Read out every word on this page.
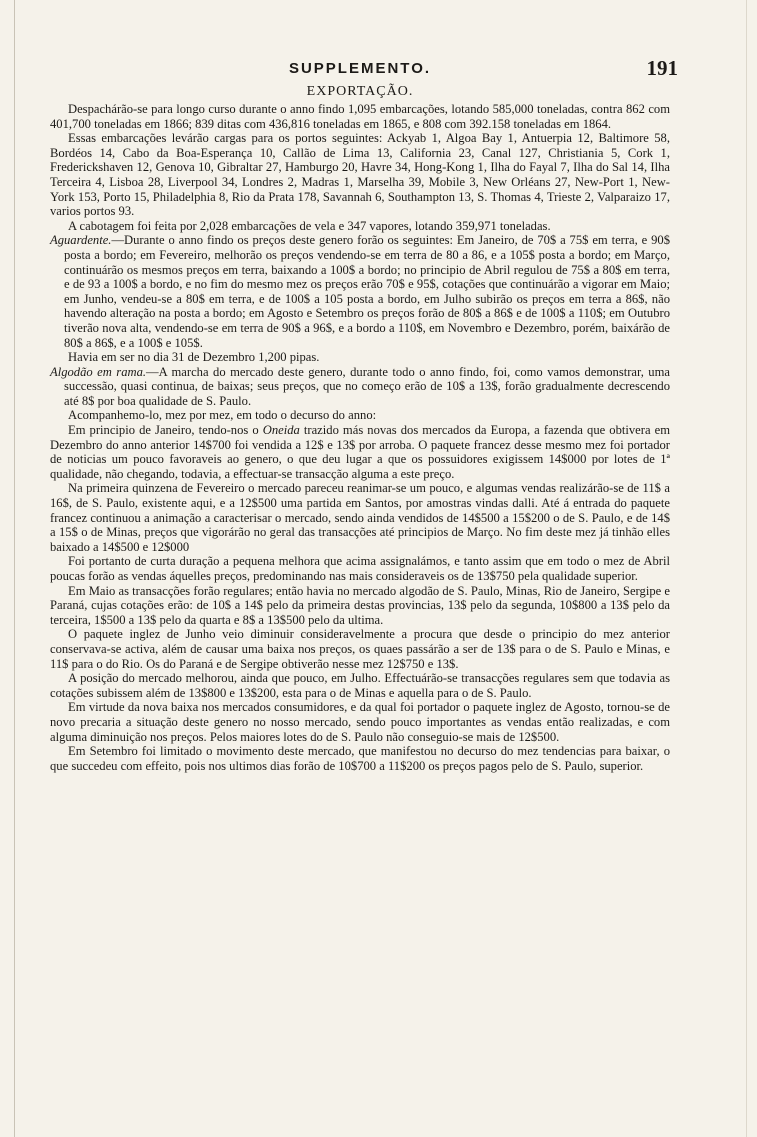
SUPPLEMENTO.	191
EXPORTAÇÃO.

Despachárão-se para longo curso durante o anno findo 1,095 embarcações, lotando 585,000 toneladas, contra 862 com 401,700 toneladas em 1866; 839 ditas com 436,816 toneladas em 1865, e 808 com 392.158 toneladas em 1864.

Essas embarcações levárão cargas para os portos seguintes: Ackyab 1, Algoa Bay 1, Antuerpia 12, Baltimore 58, Bordéos 14, Cabo da Boa-Esperança 10, Callão de Lima 13, California 23, Canal 127, Christiania 5, Cork 1, Frederickshaven 12, Genova 10, Gibraltar 27, Hamburgo 20, Havre 34, Hong-Kong 1, Ilha do Fayal 7, Ilha do Sal 14, Ilha Terceira 4, Lisboa 28, Liverpool 34, Londres 2, Madras 1, Marselha 39, Mobile 3, New Orléans 27, New-Port 1, New-York 153, Porto 15, Philadelphia 8, Rio da Prata 178, Savannah 6, Southampton 13, S. Thomas 4, Trieste 2, Valparaizo 17, varios portos 93.

A cabotagem foi feita por 2,028 embarcações de vela e 347 vapores, lotando 359,971 toneladas.

Aguardente.—Durante o anno findo os preços deste genero forão os seguintes: Em Janeiro, de 70$ a 75$ em terra, e 90$ posta a bordo; em Fevereiro, melhorão os preços vendendo-se em terra de 80 a 86, e a 105$ posta a bordo; em Março, continuárão os mesmos preços em terra, baixando a 100$ a bordo; no principio de Abril regulou de 75$ a 80$ em terra, e de 93 a 100$ a bordo, e no fim do mesmo mez os preços erão 70$ e 95$, cotações que continuárão a vigorar em Maio; em Junho, vendeu-se a 80$ em terra, e de 100$ a 105 posta a bordo, em Julho subirão os preços em terra a 86$, não havendo alteração na posta a bordo; em Agosto e Setembro os preços forão de 80$ a 86$ e de 100$ a 110$; em Outubro tiverão nova alta, vendendo-se em terra de 90$ a 96$, e a bordo a 110$, em Novembro e Dezembro, porém, baixárão de 80$ a 86$, e a 100$ e 105$.

Havia em ser no dia 31 de Dezembro 1,200 pipas.

Algodão em rama.—A marcha do mercado deste genero, durante todo o anno findo, foi, como vamos demonstrar, uma successão, quasi continua, de baixas; seus preços, que no começo erão de 10$ a 13$, forão gradualmente decrescendo até 8$ por boa qualidade de S. Paulo.

Acompanhemo-lo, mez por mez, em todo o decurso do anno:

Em principio de Janeiro, tendo-nos o Oneida trazido más novas dos mercados da Europa, a fazenda que obtivera em Dezembro do anno anterior 14$700 foi vendida a 12$ e 13$ por arroba. O paquete francez desse mesmo mez foi portador de noticias um pouco favoraveis ao genero, o que deu lugar a que os possuidores exigissem 14$000 por lotes de 1ª qualidade, não chegando, todavia, a effectuar-se transacção alguma a este preço.

Na primeira quinzena de Fevereiro o mercado pareceu reanimar-se um pouco, e algumas vendas realizárão-se de 11$ a 16$, de S. Paulo, existente aqui, e a 12$500 uma partida em Santos, por amostras vindas dalli. Até á entrada do paquete francez continuou a animação a caracterisar o mercado, sendo ainda vendidos de 14$500 a 15$200 o de S. Paulo, e de 14$ a 15$ o de Minas, preços que vigorárão no geral das transacções até principios de Março. No fim deste mez já tinhão elles baixado a 14$500 e 12$000

Foi portanto de curta duração a pequena melhora que acima assignalámos, e tanto assim que em todo o mez de Abril poucas forão as vendas áquelles preços, predominando nas mais consideraveis os de 13$750 pela qualidade superior.

Em Maio as transacções forão regulares; então havia no mercado algodão de S. Paulo, Minas, Rio de Janeiro, Sergipe e Paraná, cujas cotações erão: de 10$ a 14$ pelo da primeira destas provincias, 13$ pelo da segunda, 10$800 a 13$ pelo da terceira, 1$500 a 13$ pelo da quarta e 8$ a 13$500 pelo da ultima.

O paquete inglez de Junho veio diminuir consideravelmente a procura que desde o principio do mez anterior conservava-se activa, além de causar uma baixa nos preços, os quaes passárão a ser de 13$ para o de S. Paulo e Minas, e 11$ para o do Rio. Os do Paraná e de Sergipe obtiverão nesse mez 12$750 e 13$.

A posição do mercado melhorou, ainda que pouco, em Julho. Effectuárão-se transacções regulares sem que todavia as cotações subissem além de 13$800 e 13$200, esta para o de Minas e aquella para o de S. Paulo.

Em virtude da nova baixa nos mercados consumidores, e da qual foi portador o paquete inglez de Agosto, tornou-se de novo precaria a situação deste genero no nosso mercado, sendo pouco importantes as vendas então realizadas, e com alguma diminuição nos preços. Pelos maiores lotes do de S. Paulo não conseguio-se mais de 12$500.

Em Setembro foi limitado o movimento deste mercado, que manifestou no decurso do mez tendencias para baixar, o que succedeu com effeito, pois nos ultimos dias forão de 10$700 a 11$200 os preços pagos pelo de S. Paulo, superior.
